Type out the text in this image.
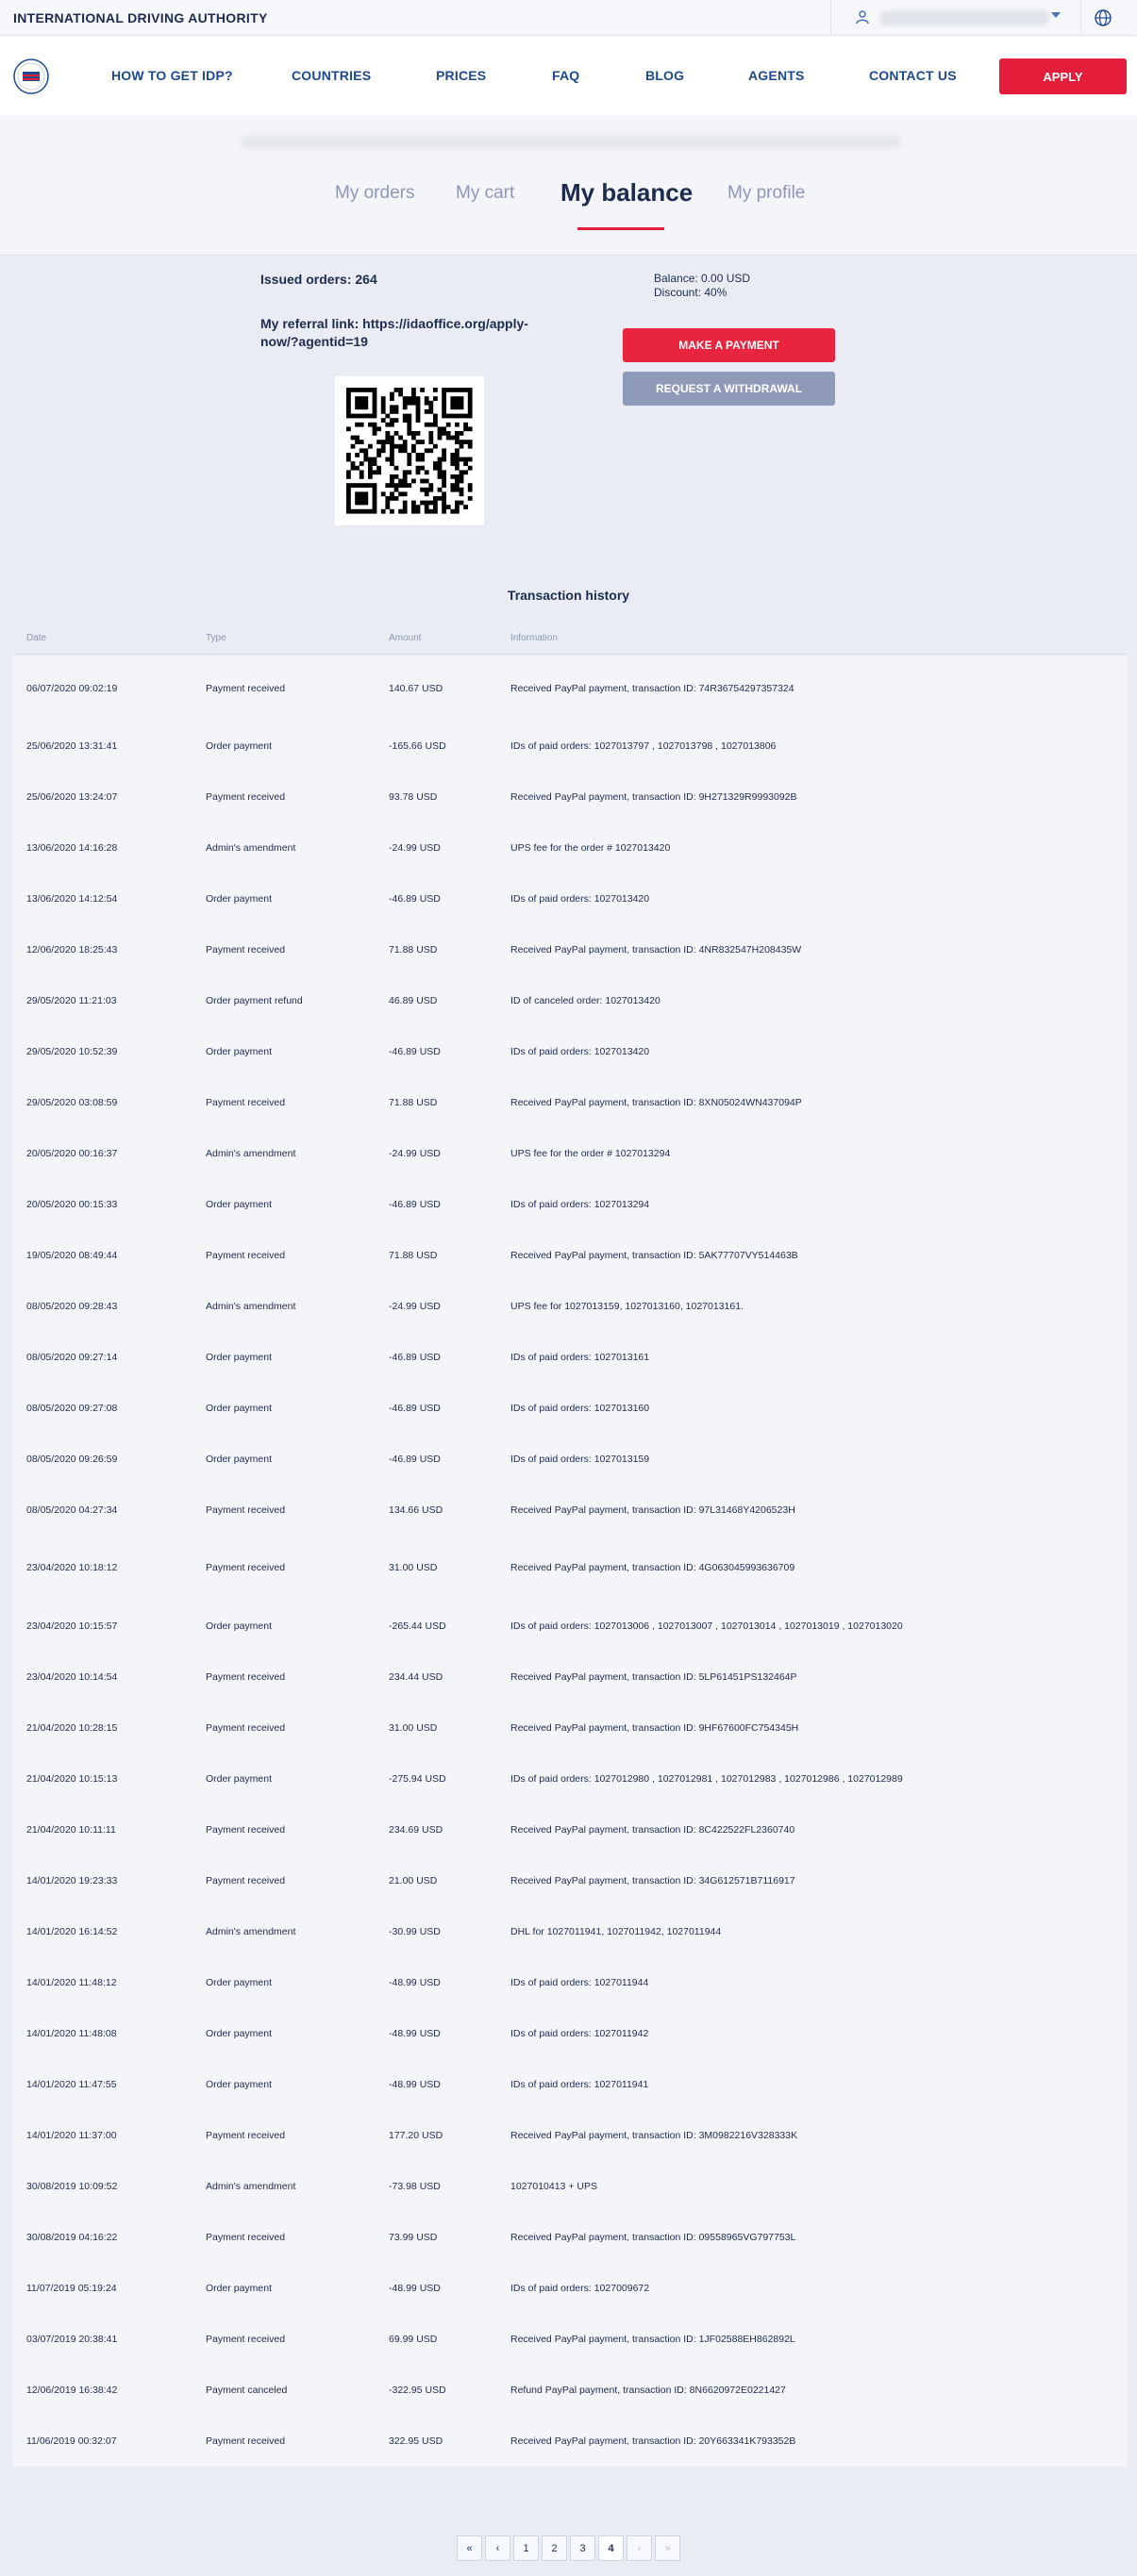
INTERNATIONAL DRIVING AUTHORITY
HOW TO GET IDP?	COUNTRIES	PRICES	FAQ	BLOG	AGENTS	CONTACT US	APPLY
My orders My cart My balance My profile
Issued orders: 264
My referral link: https://idaoffice.org/apply-now/?agentid=19
Balance: 0.00 USD
Discount: 40%
MAKE A PAYMENT
REQUEST A WITHDRAWAL
Transaction history
Date	Type	Amount	Information
06/07/2020 09:02:19	Payment received	140.67 USD	Received PayPal payment, transaction ID: 74R36754297357324
25/06/2020 13:31:41	Order payment	-165.66 USD	IDs of paid orders: 1027013797 , 1027013798 , 1027013806
25/06/2020 13:24:07	Payment received	93.78 USD	Received PayPal payment, transaction ID: 9H271329R9993092B
13/06/2020 14:16:28	Admin's amendment	-24.99 USD	UPS fee for the order # 1027013420
13/06/2020 14:12:54	Order payment	-46.89 USD	IDs of paid orders: 1027013420
12/06/2020 18:25:43	Payment received	71.88 USD	Received PayPal payment, transaction ID: 4NR832547H208435W
29/05/2020 11:21:03	Order payment refund	46.89 USD	ID of canceled order: 1027013420
29/05/2020 10:52:39	Order payment	-46.89 USD	IDs of paid orders: 1027013420
29/05/2020 03:08:59	Payment received	71.88 USD	Received PayPal payment, transaction ID: 8XN05024WN437094P
20/05/2020 00:16:37	Admin's amendment	-24.99 USD	UPS fee for the order # 1027013294
20/05/2020 00:15:33	Order payment	-46.89 USD	IDs of paid orders: 1027013294
19/05/2020 08:49:44	Payment received	71.88 USD	Received PayPal payment, transaction ID: 5AK77707VY514463B
08/05/2020 09:28:43	Admin's amendment	-24.99 USD	UPS fee for 1027013159, 1027013160, 1027013161.
08/05/2020 09:27:14	Order payment	-46.89 USD	IDs of paid orders: 1027013161
08/05/2020 09:27:08	Order payment	-46.89 USD	IDs of paid orders: 1027013160
08/05/2020 09:26:59	Order payment	-46.89 USD	IDs of paid orders: 1027013159
08/05/2020 04:27:34	Payment received	134.66 USD	Received PayPal payment, transaction ID: 97L31468Y4206523H
23/04/2020 10:18:12	Payment received	31.00 USD	Received PayPal payment, transaction ID: 4G063045993636709
23/04/2020 10:15:57	Order payment	-265.44 USD	IDs of paid orders: 1027013006 , 1027013007 , 1027013014 , 1027013019 , 1027013020
23/04/2020 10:14:54	Payment received	234.44 USD	Received PayPal payment, transaction ID: 5LP61451PS132464P
21/04/2020 10:28:15	Payment received	31.00 USD	Received PayPal payment, transaction ID: 9HF67600FC754345H
21/04/2020 10:15:13	Order payment	-275.94 USD	IDs of paid orders: 1027012980 , 1027012981 , 1027012983 , 1027012986 , 1027012989
21/04/2020 10:11:11	Payment received	234.69 USD	Received PayPal payment, transaction ID: 8C422522FL2360740
14/01/2020 19:23:33	Payment received	21.00 USD	Received PayPal payment, transaction ID: 34G612571B7116917
14/01/2020 16:14:52	Admin's amendment	-30.99 USD	DHL for 1027011941, 1027011942, 1027011944
14/01/2020 11:48:12	Order payment	-48.99 USD	IDs of paid orders: 1027011944
14/01/2020 11:48:08	Order payment	-48.99 USD	IDs of paid orders: 1027011942
14/01/2020 11:47:55	Order payment	-48.99 USD	IDs of paid orders: 1027011941
14/01/2020 11:37:00	Payment received	177.20 USD	Received PayPal payment, transaction ID: 3M0982216V328333K
30/08/2019 10:09:52	Admin's amendment	-73.98 USD	1027010413 + UPS
30/08/2019 04:16:22	Payment received	73.99 USD	Received PayPal payment, transaction ID: 09558965VG797753L
11/07/2019 05:19:24	Order payment	-48.99 USD	IDs of paid orders: 1027009672
03/07/2019 20:38:41	Payment received	69.99 USD	Received PayPal payment, transaction ID: 1JF02588EH862892L
12/06/2019 16:38:42	Payment canceled	-322.95 USD	Refund PayPal payment, transaction ID: 8N6620972E0221427
11/06/2019 00:32:07	Payment received	322.95 USD	Received PayPal payment, transaction ID: 20Y663341K793352B
«	‹	1	2	3	4	›	»
